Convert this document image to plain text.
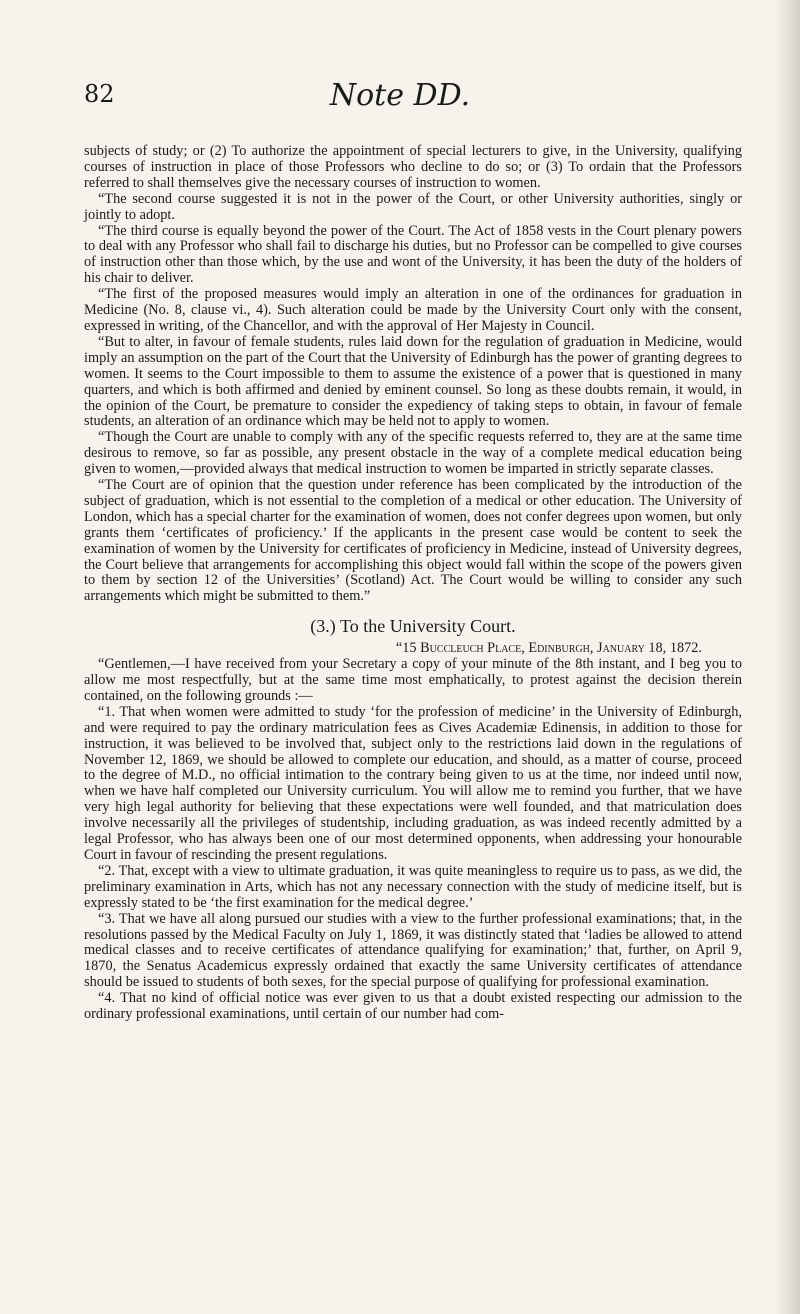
82	Note DD.

subjects of study; or (2) To authorize the appointment of special lecturers to give, in the University, qualifying courses of instruction in place of those Professors who decline to do so; or (3) To ordain that the Professors referred to shall themselves give the necessary courses of instruction to women.

“The second course suggested it is not in the power of the Court, or other University authorities, singly or jointly to adopt.

“The third course is equally beyond the power of the Court. The Act of 1858 vests in the Court plenary powers to deal with any Professor who shall fail to discharge his duties, but no Professor can be compelled to give courses of instruction other than those which, by the use and wont of the University, it has been the duty of the holders of his chair to deliver.

“The first of the proposed measures would imply an alteration in one of the ordinances for graduation in Medicine (No. 8, clause vi., 4). Such alteration could be made by the University Court only with the consent, expressed in writing, of the Chancellor, and with the approval of Her Majesty in Council.

“But to alter, in favour of female students, rules laid down for the regulation of graduation in Medicine, would imply an assumption on the part of the Court that the University of Edinburgh has the power of granting degrees to women. It seems to the Court impossible to them to assume the existence of a power that is questioned in many quarters, and which is both affirmed and denied by eminent counsel. So long as these doubts remain, it would, in the opinion of the Court, be premature to consider the expediency of taking steps to obtain, in favour of female students, an alteration of an ordinance which may be held not to apply to women.

“Though the Court are unable to comply with any of the specific requests referred to, they are at the same time desirous to remove, so far as possible, any present obstacle in the way of a complete medical education being given to women,—provided always that medical instruction to women be imparted in strictly separate classes.

“The Court are of opinion that the question under reference has been complicated by the introduction of the subject of graduation, which is not essential to the completion of a medical or other education. The University of London, which has a special charter for the examination of women, does not confer degrees upon women, but only grants them ‘certificates of proficiency.’ If the applicants in the present case would be content to seek the examination of women by the University for certificates of proficiency in Medicine, instead of University degrees, the Court believe that arrangements for accomplishing this object would fall within the scope of the powers given to them by section 12 of the Universities’ (Scotland) Act. The Court would be willing to consider any such arrangements which might be submitted to them.”

(3.) To the University Court.

“15 Buccleuch Place, Edinburgh, January 18, 1872.

“Gentlemen,—I have received from your Secretary a copy of your minute of the 8th instant, and I beg you to allow me most respectfully, but at the same time most emphatically, to protest against the decision therein contained, on the following grounds :—

“1. That when women were admitted to study ‘for the profession of medicine’ in the University of Edinburgh, and were required to pay the ordinary matriculation fees as Cives Academiæ Edinensis, in addition to those for instruction, it was believed to be involved that, subject only to the restrictions laid down in the regulations of November 12, 1869, we should be allowed to complete our education, and should, as a matter of course, proceed to the degree of M.D., no official intimation to the contrary being given to us at the time, nor indeed until now, when we have half completed our University curriculum. You will allow me to remind you further, that we have very high legal authority for believing that these expectations were well founded, and that matriculation does involve necessarily all the privileges of studentship, including graduation, as was indeed recently admitted by a legal Professor, who has always been one of our most determined opponents, when addressing your honourable Court in favour of rescinding the present regulations.

“2. That, except with a view to ultimate graduation, it was quite meaningless to require us to pass, as we did, the preliminary examination in Arts, which has not any necessary connection with the study of medicine itself, but is expressly stated to be ‘the first examination for the medical degree.’

“3. That we have all along pursued our studies with a view to the further professional examinations; that, in the resolutions passed by the Medical Faculty on July 1, 1869, it was distinctly stated that ‘ladies be allowed to attend medical classes and to receive certificates of attendance qualifying for examination;’ that, further, on April 9, 1870, the Senatus Academicus expressly ordained that exactly the same University certificates of attendance should be issued to students of both sexes, for the special purpose of qualifying for professional examination.

“4. That no kind of official notice was ever given to us that a doubt existed respecting our admission to the ordinary professional examinations, until certain of our number had com-
